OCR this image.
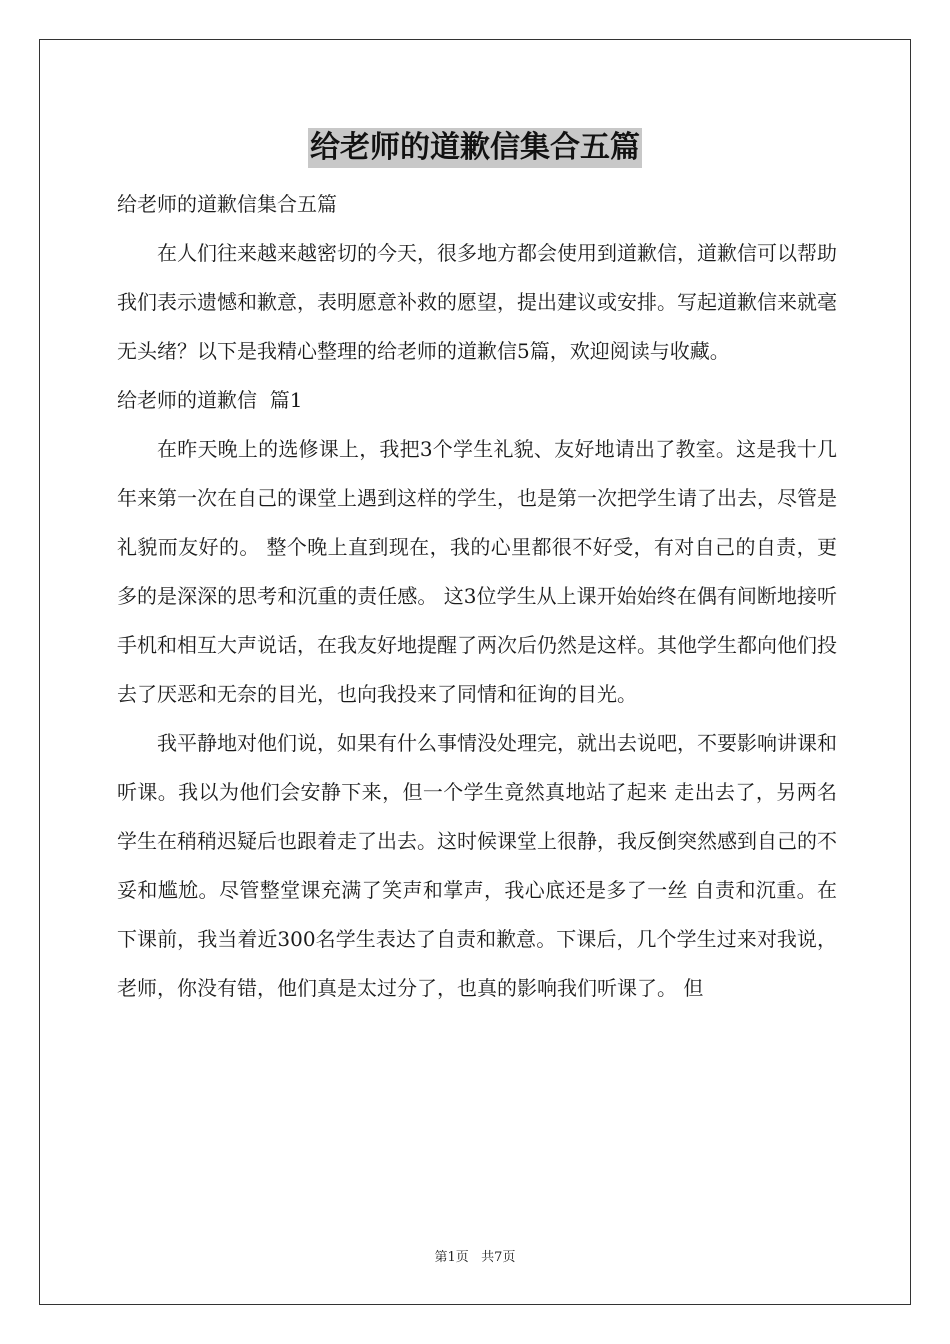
给老师的道歉信集合五篇

给老师的道歉信集合五篇

在人们往来越来越密切的今天，很多地方都会使用到道歉信，道歉信可以帮助我们表示遗憾和歉意，表明愿意补救的愿望，提出建议或安排。写起道歉信来就毫无头绪？以下是我精心整理的给老师的道歉信5篇，欢迎阅读与收藏。

给老师的道歉信  篇1

在昨天晚上的选修课上，我把3个学生礼貌、友好地请出了教室。这是我十几年来第一次在自己的课堂上遇到这样的学生，也是第一次把学生请了出去，尽管是礼貌而友好的。 整个晚上直到现在，我的心里都很不好受，有对自己的自责，更多的是深深的思考和沉重的责任感。 这3位学生从上课开始始终在偶有间断地接听手机和相互大声说话，在我友好地提醒了两次后仍然是这样。其他学生都向他们投去了厌恶和无奈的目光，也向我投来了同情和征询的目光。

我平静地对他们说，如果有什么事情没处理完，就出去说吧，不要影响讲课和听课。我以为他们会安静下来，但一个学生竟然真地站了起来 走出去了，另两名学生在稍稍迟疑后也跟着走了出去。这时候课堂上很静，我反倒突然感到自己的不妥和尴尬。尽管整堂课充满了笑声和掌声，我心底还是多了一丝 自责和沉重。在下课前，我当着近300名学生表达了自责和歉意。下课后，几个学生过来对我说，老师，你没有错，他们真是太过分了，也真的影响我们听课了。 但

第1页   共7页
